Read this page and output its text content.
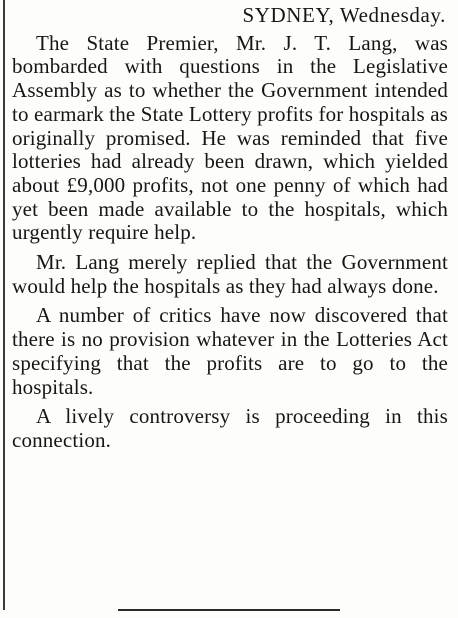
SYDNEY, Wednesday.

The State Premier, Mr. J. T. Lang, was bombarded with questions in the Legislative Assembly as to whether the Government intended to earmark the State Lottery profits for hospitals as originally promised. He was reminded that five lotteries had already been drawn, which yielded about £9,000 profits, not one penny of which had yet been made available to the hospitals, which urgently require help.

Mr. Lang merely replied that the Government would help the hospitals as they had always done.

A number of critics have now discovered that there is no provision whatever in the Lotteries Act specifying that the profits are to go to the hospitals.

A lively controversy is proceeding in this connection.
